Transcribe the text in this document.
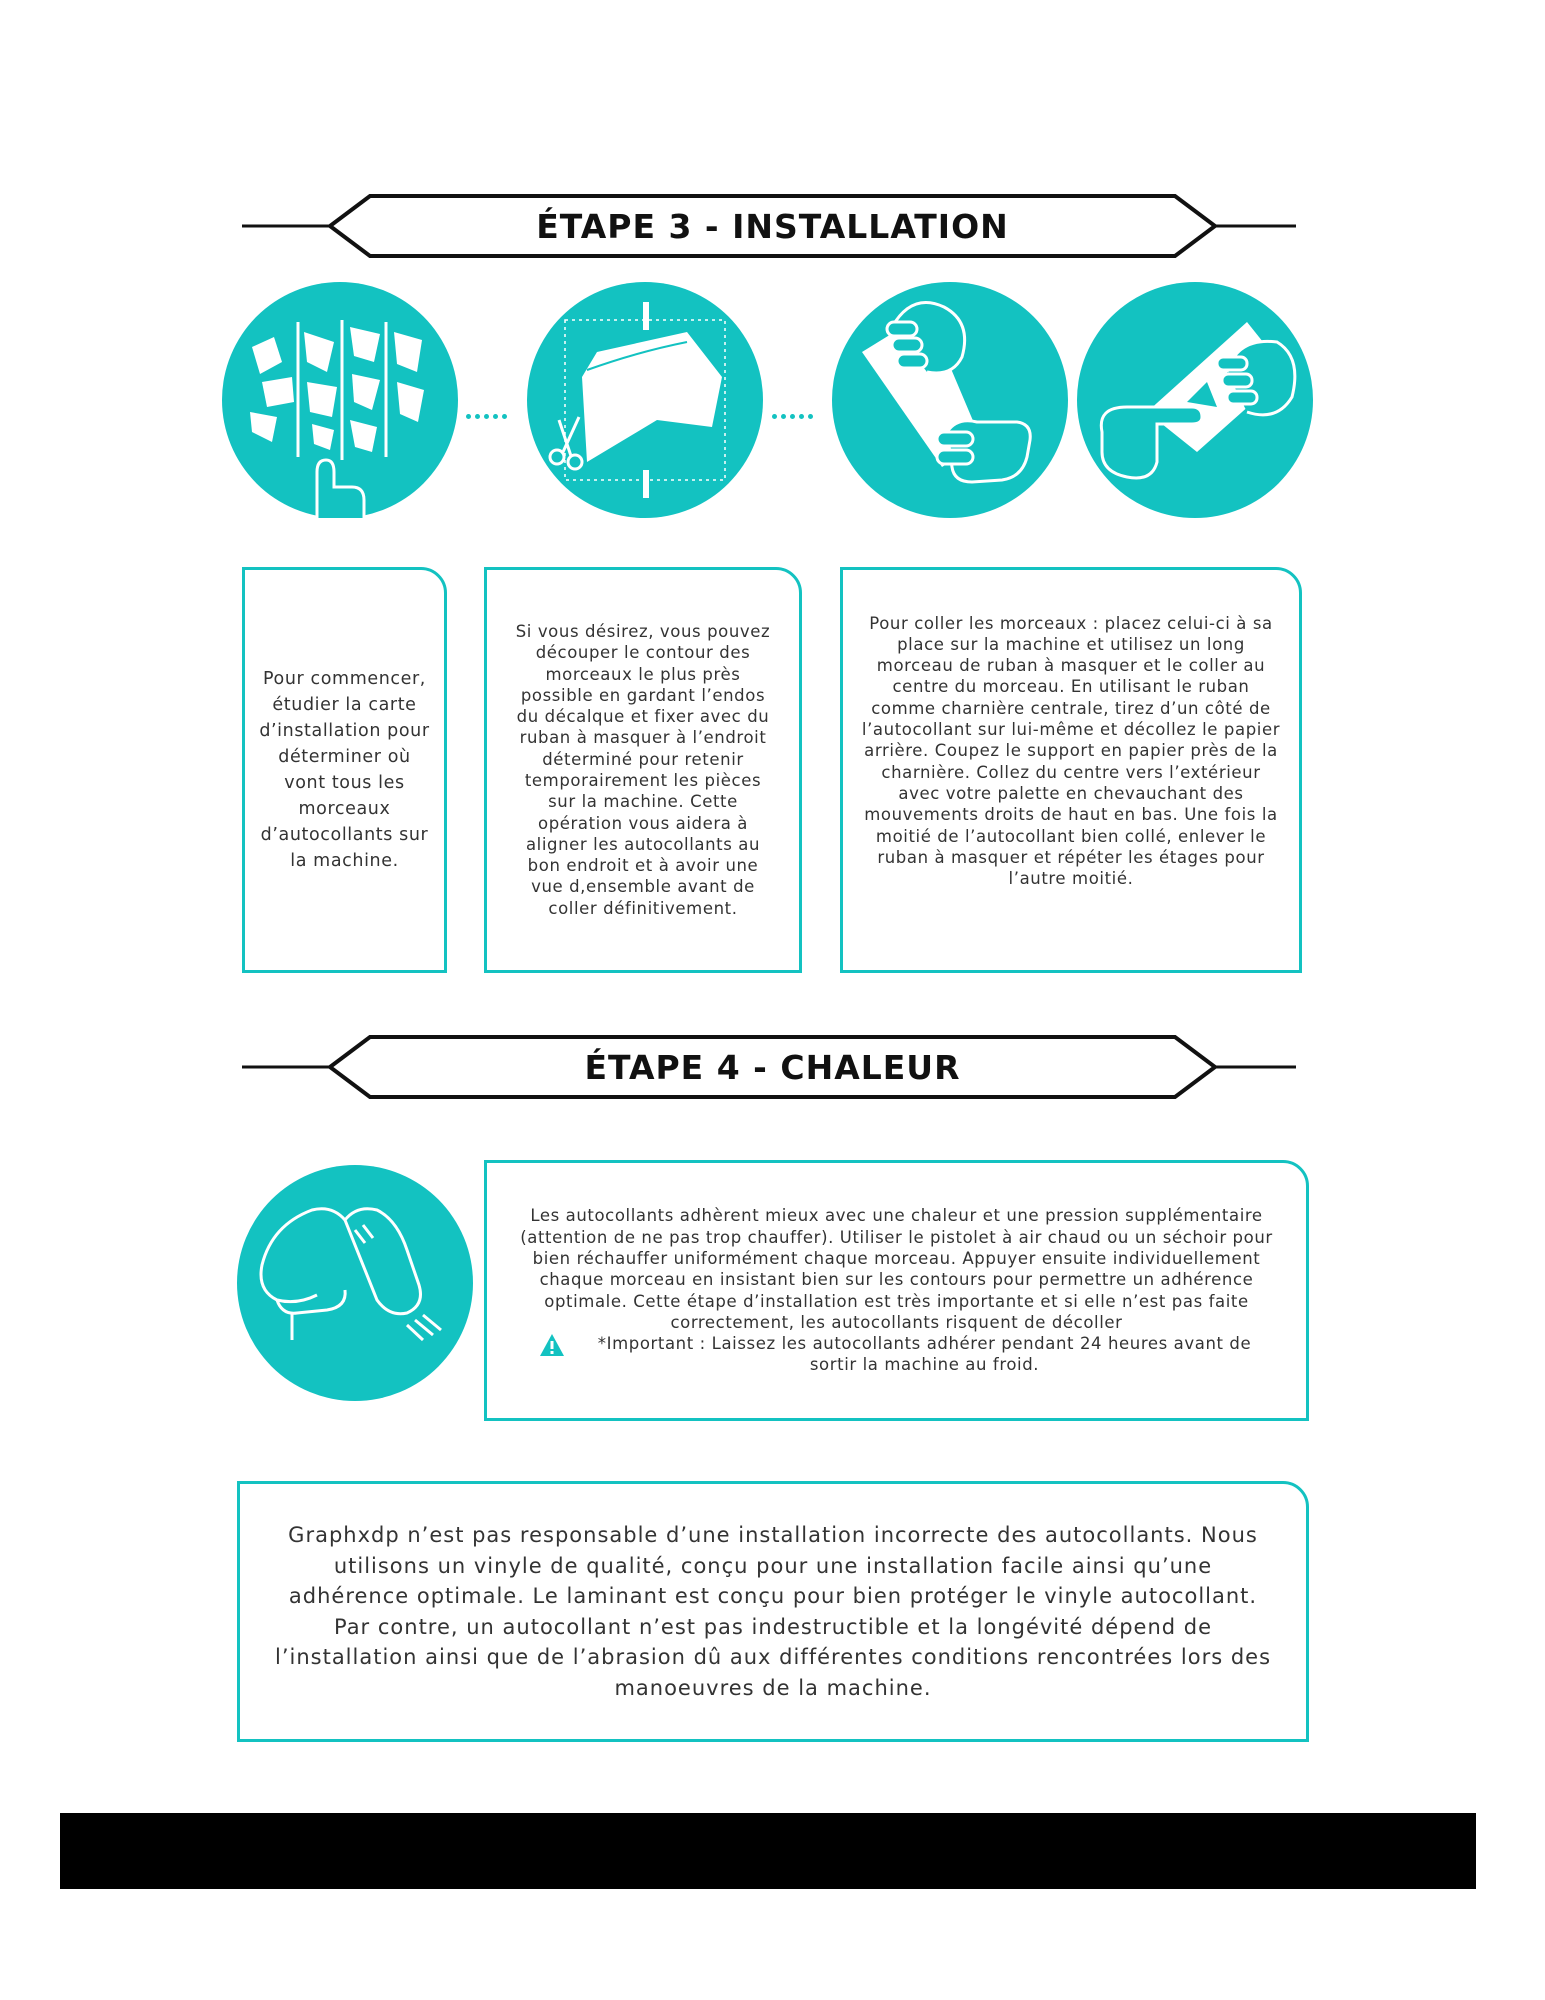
ÉTAPE 3 - INSTALLATION

Pour commencer, étudier la carte d’installation pour déterminer où vont tous les morceaux d’autocollants sur la machine.

Si vous désirez, vous pouvez découper le contour des morceaux le plus près possible en gardant l’endos du décalque et fixer avec du ruban à masquer à l’endroit déterminé pour retenir temporairement les pièces sur la machine. Cette opération vous aidera à aligner les autocollants au bon endroit et à avoir une vue d,ensemble avant de coller définitivement.

Pour coller les morceaux : placez celui-ci à sa place sur la machine et utilisez un long morceau de ruban à masquer et le coller au centre du morceau. En utilisant le ruban comme charnière centrale, tirez d’un côté de l’autocollant sur lui-même et décollez le papier arrière. Coupez le support en papier près de la charnière. Collez du centre vers l’extérieur avec votre palette en chevauchant des mouvements droits de haut en bas. Une fois la moitié de l’autocollant bien collé, enlever le ruban à masquer et répéter les étages pour l’autre moitié.

ÉTAPE 4 - CHALEUR

Les autocollants adhèrent mieux avec une chaleur et une pression supplémentaire (attention de ne pas trop chauffer). Utiliser le pistolet à air chaud ou un séchoir pour bien réchauffer uniformément chaque morceau. Appuyer ensuite individuellement chaque morceau en insistant bien sur les contours pour permettre un adhérence optimale. Cette étape d’installation est très importante et si elle n’est pas faite correctement, les autocollants risquent de décoller

*Important : Laissez les autocollants adhérer pendant 24 heures avant de sortir la machine au froid.

Graphxdp n’est pas responsable d’une installation incorrecte des autocollants. Nous utilisons un vinyle de qualité, conçu pour une installation facile ainsi qu’une adhérence optimale. Le laminant est conçu pour bien protéger le vinyle autocollant. Par contre, un autocollant n’est pas indestructible et la longévité dépend de l’installation ainsi que de l’abrasion dû aux différentes conditions rencontrées lors des manoeuvres de la machine.
